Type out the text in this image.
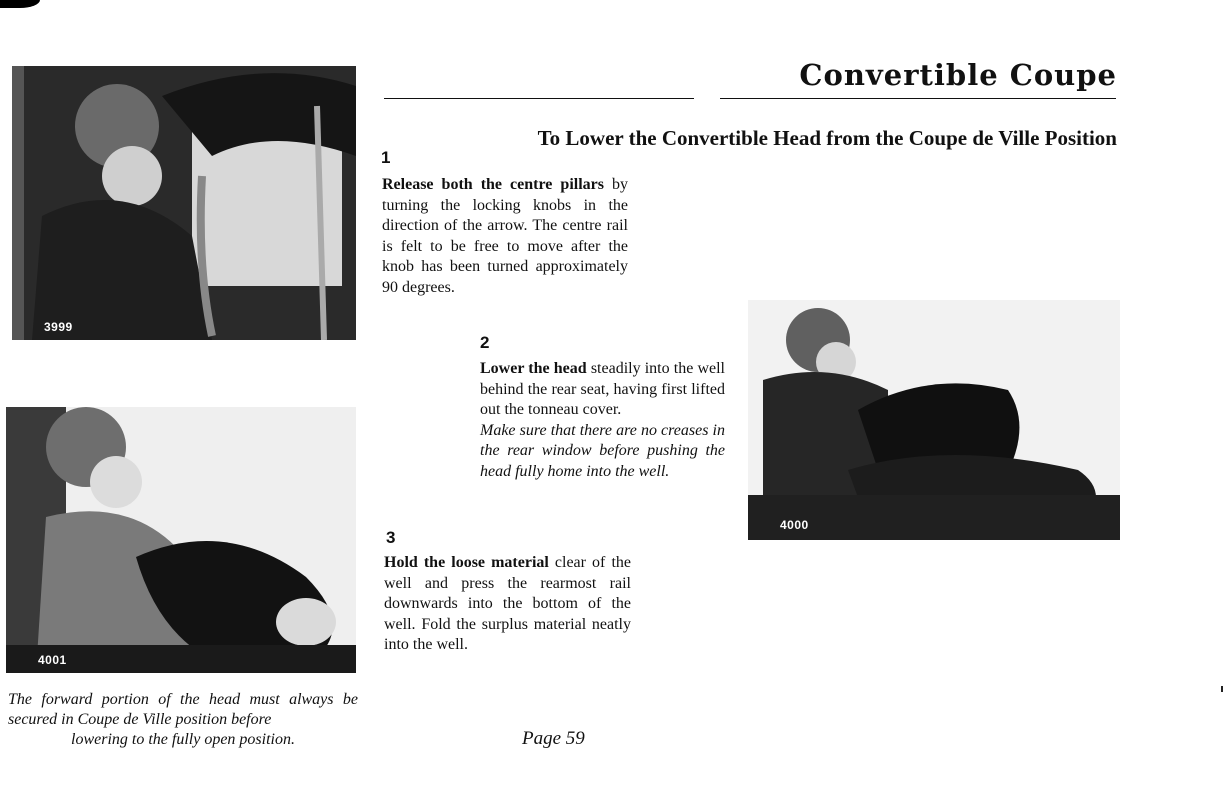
3999
4001
4000
Convertible Coupe
To Lower the Convertible Head from the Coupe de Ville Position
1
Release both the centre pillars by turning the locking knobs in the direction of the arrow. The centre rail is felt to be free to move after the knob has been turned approximately 90 degrees.
2
Lower the head steadily into the well behind the rear seat, having first lifted out the tonneau cover.
Make sure that there are no creases in the rear window before pushing the head fully home into the well.
3
Hold the loose material clear of the well and press the rearmost rail downwards into the bottom of the well. Fold the surplus material neatly into the well.
The forward portion of the head must always be secured in Coupe de Ville position before
lowering to the fully open position.	Page 59
